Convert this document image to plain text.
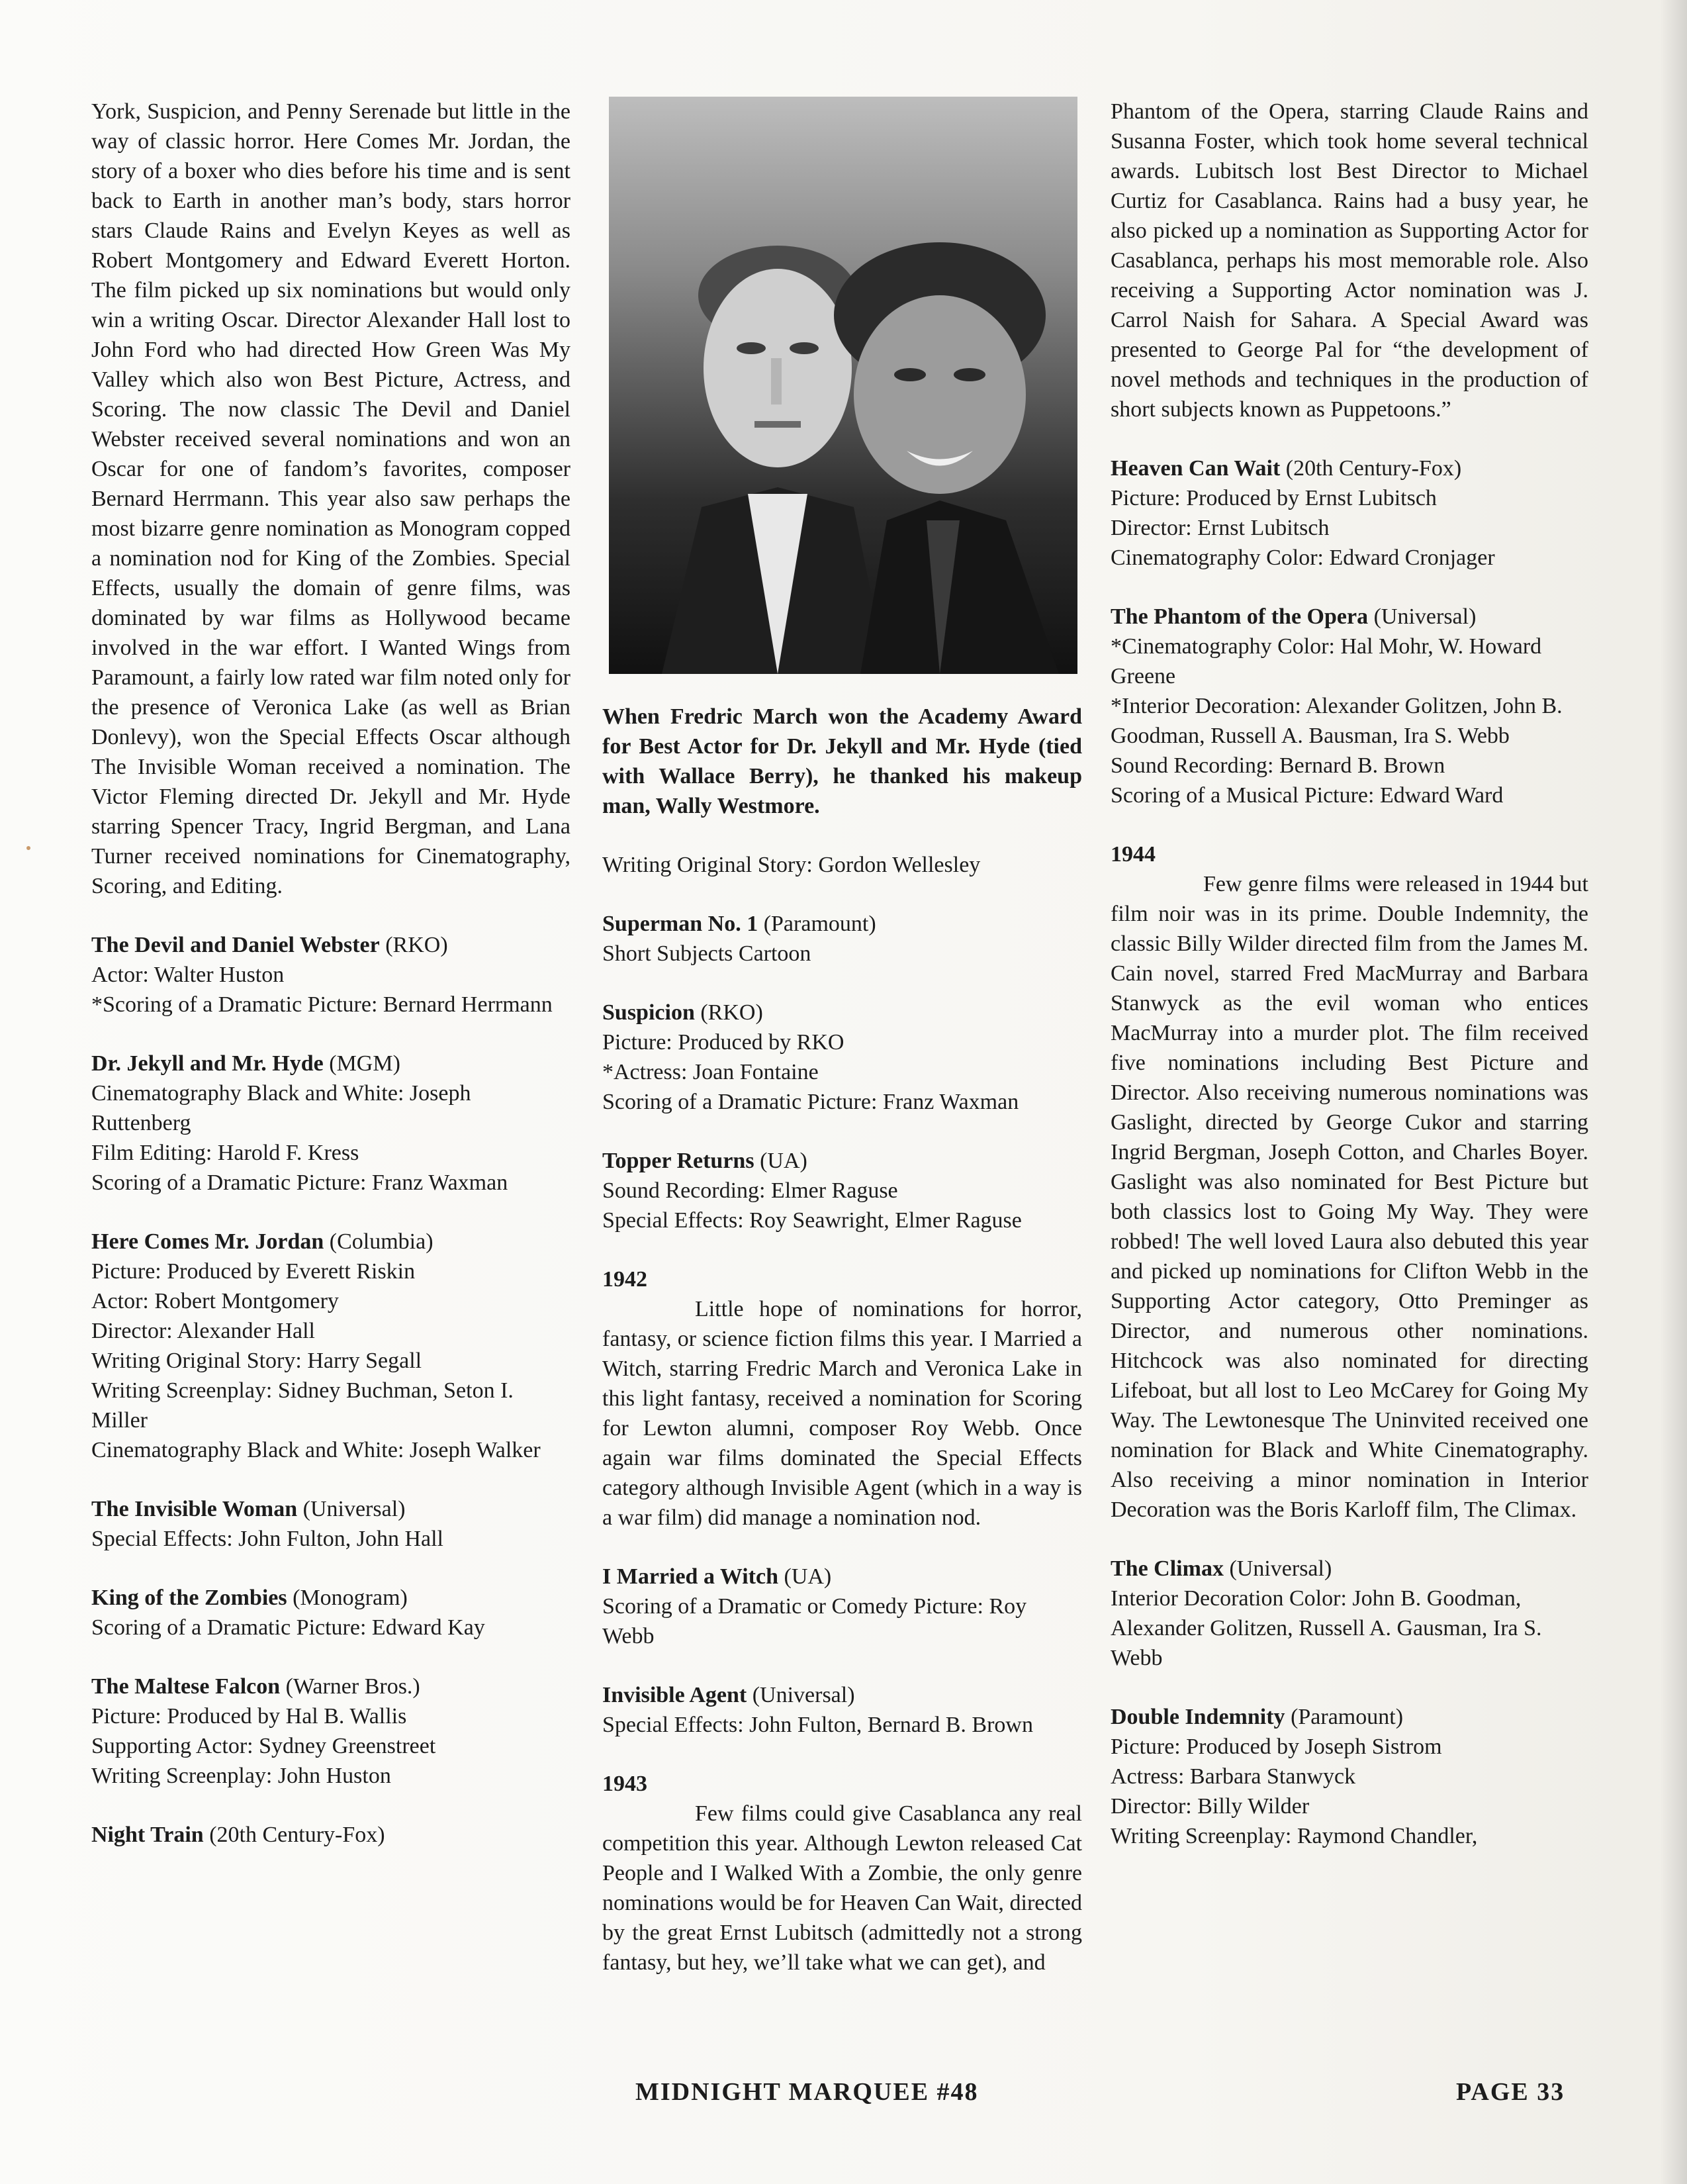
York, Suspicion, and Penny Serenade but little in the way of classic horror. Here Comes Mr. Jordan, the story of a boxer who dies before his time and is sent back to Earth in another man’s body, stars horror stars Claude Rains and Evelyn Keyes as well as Robert Montgomery and Edward Everett Horton. The film picked up six nominations but would only win a writing Oscar. Director Alexander Hall lost to John Ford who had directed How Green Was My Valley which also won Best Picture, Actress, and Scoring. The now classic The Devil and Daniel Webster received several nominations and won an Oscar for one of fandom’s favorites, composer Bernard Herrmann. This year also saw perhaps the most bizarre genre nomination as Monogram copped a nomination nod for King of the Zombies. Special Effects, usually the domain of genre films, was dominated by war films as Hollywood became involved in the war effort. I Wanted Wings from Paramount, a fairly low rated war film noted only for the presence of Veronica Lake (as well as Brian Donlevy), won the Special Effects Oscar although The Invisible Woman received a nomination. The Victor Fleming directed Dr. Jekyll and Mr. Hyde starring Spencer Tracy, Ingrid Bergman, and Lana Turner received nominations for Cinematography, Scoring, and Editing.

The Devil and Daniel Webster (RKO)
Actor: Walter Huston
*Scoring of a Dramatic Picture: Bernard Herrmann
Dr. Jekyll and Mr. Hyde (MGM)
Cinematography Black and White: Joseph Ruttenberg
Film Editing: Harold F. Kress
Scoring of a Dramatic Picture: Franz Waxman
Here Comes Mr. Jordan (Columbia)
Picture: Produced by Everett Riskin
Actor: Robert Montgomery
Director: Alexander Hall
Writing Original Story: Harry Segall
Writing Screenplay: Sidney Buchman, Seton I. Miller
Cinematography Black and White: Joseph Walker
The Invisible Woman (Universal)
Special Effects: John Fulton, John Hall
King of the Zombies (Monogram)
Scoring of a Dramatic Picture: Edward Kay
The Maltese Falcon (Warner Bros.)
Picture: Produced by Hal B. Wallis
Supporting Actor: Sydney Greenstreet
Writing Screenplay: John Huston
Night Train (20th Century-Fox)

When Fredric March won the Academy Award for Best Actor for Dr. Jekyll and Mr. Hyde (tied with Wallace Berry), he thanked his makeup man, Wally Westmore.

Writing Original Story: Gordon Wellesley

Superman No. 1 (Paramount)
Short Subjects Cartoon
Suspicion (RKO)
Picture: Produced by RKO
*Actress: Joan Fontaine
Scoring of a Dramatic Picture: Franz Waxman
Topper Returns (UA)
Sound Recording: Elmer Raguse
Special Effects: Roy Seawright, Elmer Raguse

1942

Little hope of nominations for horror, fantasy, or science fiction films this year. I Married a Witch, starring Fredric March and Veronica Lake in this light fantasy, received a nomination for Scoring for Lewton alumni, composer Roy Webb. Once again war films dominated the Special Effects category although Invisible Agent (which in a way is a war film) did manage a nomination nod.

I Married a Witch (UA)
Scoring of a Dramatic or Comedy Picture: Roy Webb
Invisible Agent (Universal)
Special Effects: John Fulton, Bernard B. Brown

1943

Few films could give Casablanca any real competition this year. Although Lewton released Cat People and I Walked With a Zombie, the only genre nominations would be for Heaven Can Wait, directed by the great Ernst Lubitsch (admittedly not a strong fantasy, but hey, we’ll take what we can get), and

Phantom of the Opera, starring Claude Rains and Susanna Foster, which took home several technical awards. Lubitsch lost Best Director to Michael Curtiz for Casablanca. Rains had a busy year, he also picked up a nomination as Supporting Actor for Casablanca, perhaps his most memorable role. Also receiving a Supporting Actor nomination was J. Carrol Naish for Sahara. A Special Award was presented to George Pal for “the development of novel methods and techniques in the production of short subjects known as Puppetoons.”

Heaven Can Wait (20th Century-Fox)
Picture: Produced by Ernst Lubitsch
Director: Ernst Lubitsch
Cinematography Color: Edward Cronjager
The Phantom of the Opera (Universal)
*Cinematography Color: Hal Mohr, W. Howard Greene
*Interior Decoration: Alexander Golitzen, John B. Goodman, Russell A. Bausman, Ira S. Webb
Sound Recording: Bernard B. Brown
Scoring of a Musical Picture: Edward Ward

1944

Few genre films were released in 1944 but film noir was in its prime. Double Indemnity, the classic Billy Wilder directed film from the James M. Cain novel, starred Fred MacMurray and Barbara Stanwyck as the evil woman who entices MacMurray into a murder plot. The film received five nominations including Best Picture and Director. Also receiving numerous nominations was Gaslight, directed by George Cukor and starring Ingrid Bergman, Joseph Cotton, and Charles Boyer. Gaslight was also nominated for Best Picture but both classics lost to Going My Way. They were robbed! The well loved Laura also debuted this year and picked up nominations for Clifton Webb in the Supporting Actor category, Otto Preminger as Director, and numerous other nominations. Hitchcock was also nominated for directing Lifeboat, but all lost to Leo McCarey for Going My Way. The Lewtonesque The Uninvited received one nomination for Black and White Cinematography. Also receiving a minor nomination in Interior Decoration was the Boris Karloff film, The Climax.

The Climax (Universal)
Interior Decoration Color: John B. Goodman, Alexander Golitzen, Russell A. Gausman, Ira S. Webb
Double Indemnity (Paramount)
Picture: Produced by Joseph Sistrom
Actress: Barbara Stanwyck
Director: Billy Wilder
Writing Screenplay: Raymond Chandler,
MIDNIGHT MARQUEE #48	PAGE 33
